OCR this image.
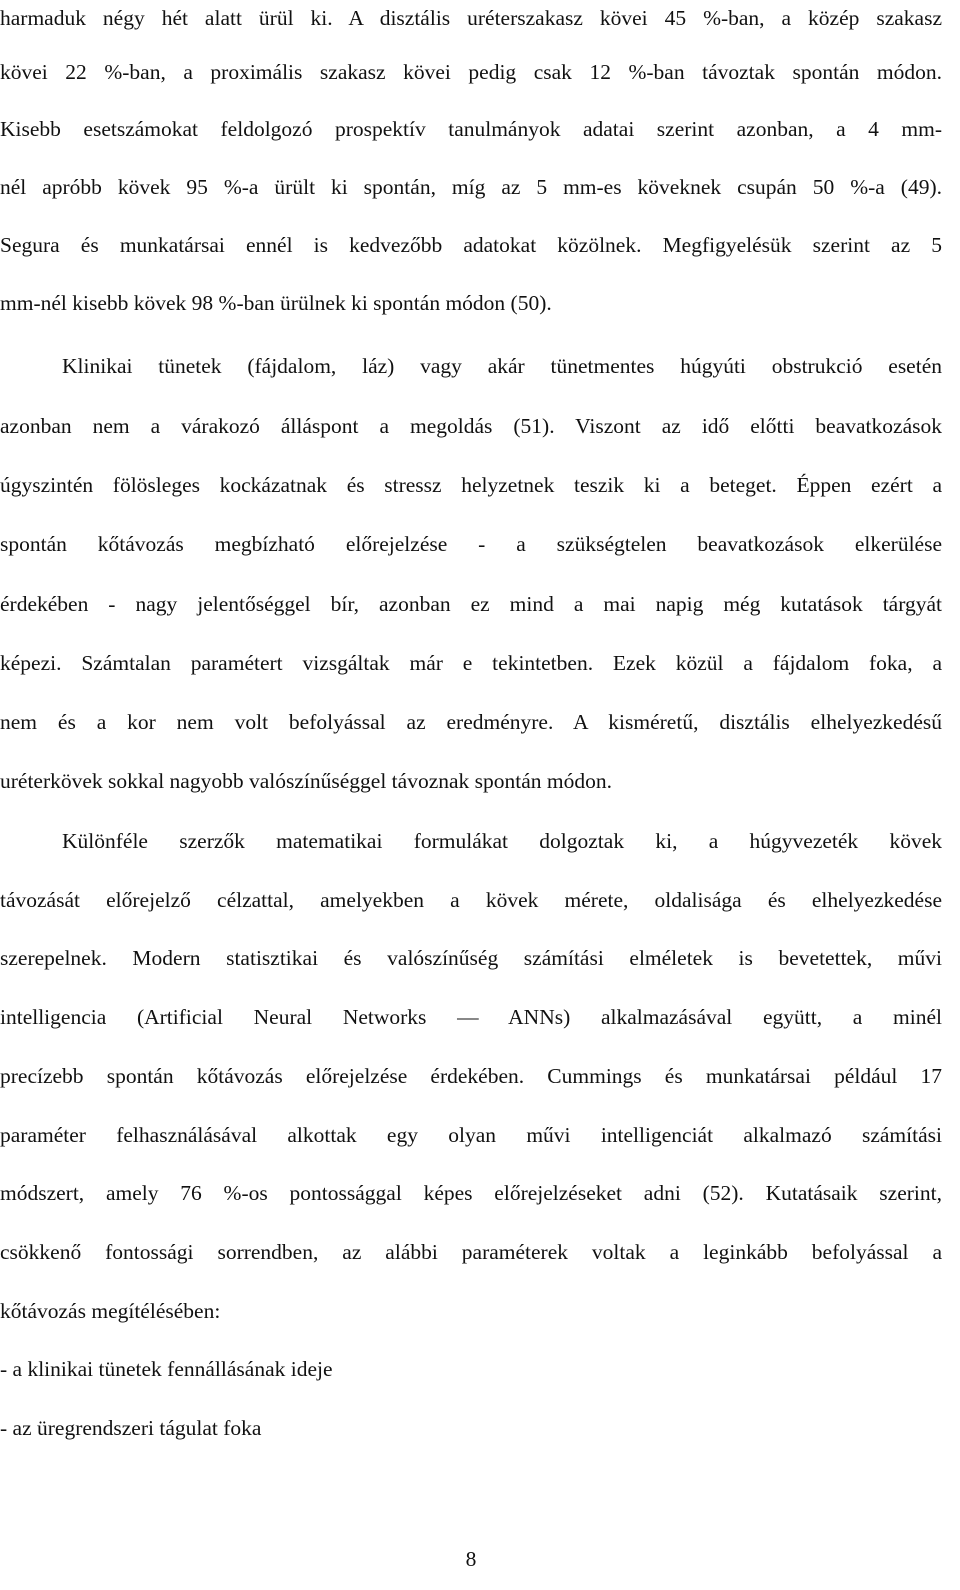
harmaduk négy hét alatt ürül ki. A disztális uréterszakasz kövei 45 %-ban, a közép szakasz

kövei 22 %-ban, a proximális szakasz kövei pedig csak 12 %-ban távoztak spontán módon.

Kisebb esetszámokat feldolgozó prospektív tanulmányok adatai szerint azonban, a 4 mm-

nél apróbb kövek 95 %-a ürült ki spontán, míg az 5 mm-es köveknek csupán 50 %-a (49).

Segura és munkatársai ennél is kedvezőbb adatokat közölnek. Megfigyelésük szerint az 5

mm-nél kisebb kövek 98 %-ban ürülnek ki spontán módon (50).

Klinikai tünetek (fájdalom, láz) vagy akár tünetmentes húgyúti obstrukció esetén

azonban nem a várakozó álláspont a megoldás (51). Viszont az idő előtti beavatkozások

úgyszintén fölösleges kockázatnak és stressz helyzetnek teszik ki a beteget. Éppen ezért a

spontán kőtávozás megbízható előrejelzése - a szükségtelen beavatkozások elkerülése

érdekében - nagy jelentőséggel bír, azonban ez mind a mai napig még kutatások tárgyát

képezi. Számtalan paramétert vizsgáltak már e tekintetben. Ezek közül a fájdalom foka, a

nem és a kor nem volt befolyással az eredményre. A kisméretű, disztális elhelyezkedésű

uréterkövek sokkal nagyobb valószínűséggel távoznak spontán módon.

Különféle szerzők matematikai formulákat dolgoztak ki, a húgyvezeték kövek

távozását előrejelző célzattal, amelyekben a kövek mérete, oldalisága és elhelyezkedése

szerepelnek. Modern statisztikai és valószínűség számítási elméletek is bevetettek, művi

intelligencia (Artificial Neural Networks — ANNs) alkalmazásával együtt, a minél

precízebb spontán kőtávozás előrejelzése érdekében. Cummings és munkatársai például 17

paraméter felhasználásával alkottak egy olyan művi intelligenciát alkalmazó számítási

módszert, amely 76 %-os pontossággal képes előrejelzéseket adni (52). Kutatásaik szerint,

csökkenő fontossági sorrendben, az alábbi paraméterek voltak a leginkább befolyással a

kőtávozás megítélésében:

- a klinikai tünetek fennállásának ideje

- az üregrendszeri tágulat foka

8
